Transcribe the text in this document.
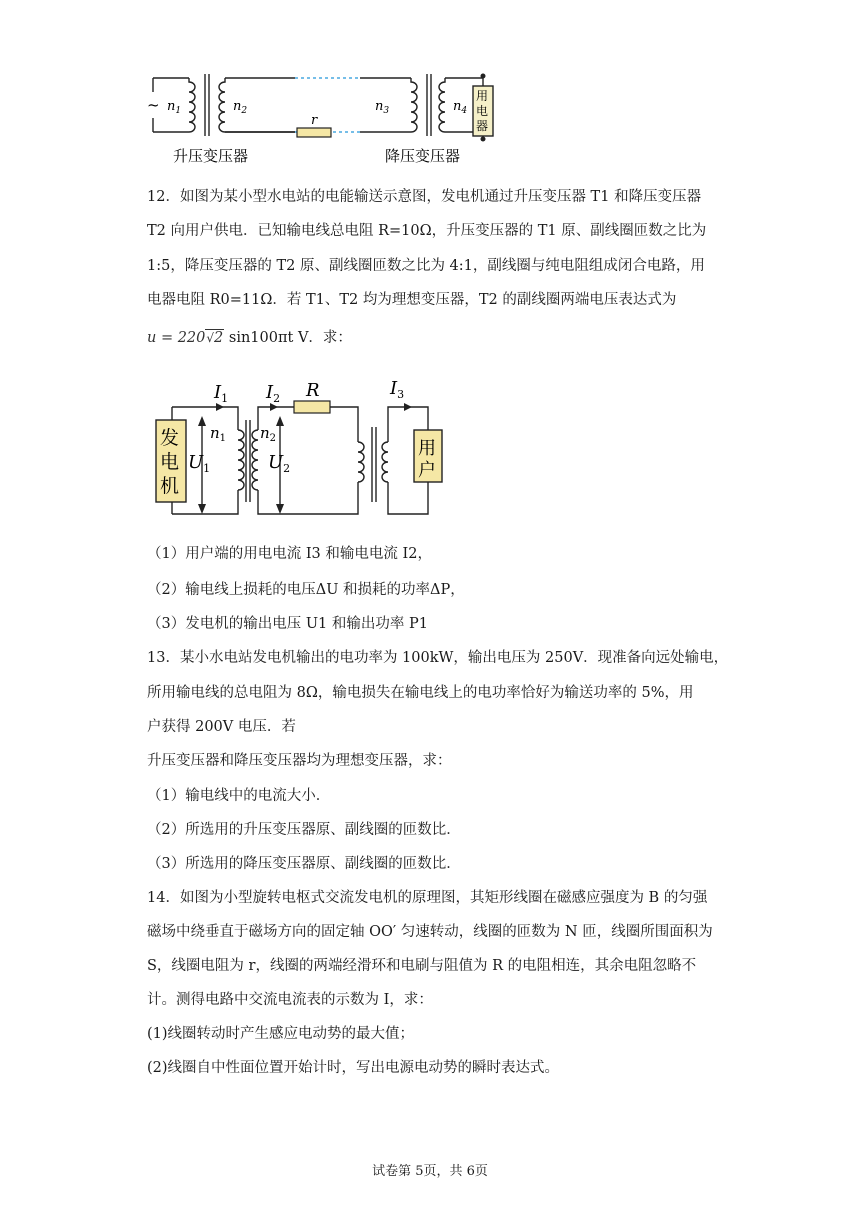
~ $n_1$	$n_2$	$n_3$	$n_4$
r
用
电
器
升压变压器	降压变压器
12．如图为某小型水电站的电能输送示意图，发电机通过升压变压器 T1 和降压变压器
T2 向用户供电．已知输电线总电阻 R=10Ω，升压变压器的 T1 原、副线圈匝数之比为
1:5，降压变压器的 T2 原、副线圈匝数之比为 4:1，副线圈与纯电阻组成闭合电路，用
电器电阻 R0=11Ω．若 T1、T2 均为理想变压器，T2 的副线圈两端电压表达式为
u = 220√2 sin100πt V．求：
发
电
机
用
户
$I_1$ $I_2$ R	$I_3$
$n_1$ $n_2$
$U_1$	$U_2$
（1）用户端的用电电流 I3 和输电电流 I2，
（2）输电线上损耗的电压ΔU 和损耗的功率ΔP，
（3）发电机的输出电压 U1 和输出功率 P1
13．某小水电站发电机输出的电功率为 100kW，输出电压为 250V．现准备向远处输电，
所用输电线的总电阻为 8Ω，输电损失在输电线上的电功率恰好为输送功率的 5%，用
户获得 200V 电压．若
升压变压器和降压变压器均为理想变压器，求：
（1）输电线中的电流大小．
（2）所选用的升压变压器原、副线圈的匝数比．
（3）所选用的降压变压器原、副线圈的匝数比．
14．如图为小型旋转电枢式交流发电机的原理图，其矩形线圈在磁感应强度为 B 的匀强
磁场中绕垂直于磁场方向的固定轴 OO′ 匀速转动，线圈的匝数为 N 匝，线圈所围面积为
S，线圈电阻为 r，线圈的两端经滑环和电刷与阻值为 R 的电阻相连，其余电阻忽略不
计。测得电路中交流电流表的示数为 I，求：
(1)线圈转动时产生感应电动势的最大值；
(2)线圈自中性面位置开始计时，写出电源电动势的瞬时表达式。
试卷第 5页，共 6页
